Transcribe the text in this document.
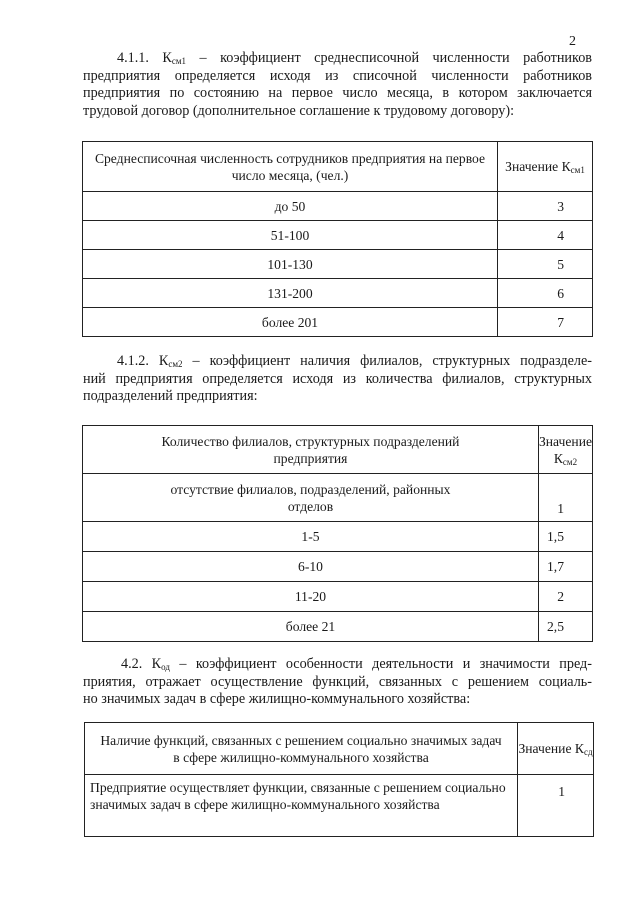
2
4.1.1. $К_{см1}$ – коэффициент среднесписочной численности работников
предприятия определяется исходя из списочной численности работников
предприятия по состоянию на первое число месяца, в котором заключается
трудовой договор (дополнительное соглашение к трудовому договору):
Среднесписочная численность сотрудников предприятия на первое число месяца, (чел.)	Значение $К_{см1}$
до 50	3
51-100	4
101-130	5
131-200	6
более 201	7
4.1.2. $К_{см2}$ – коэффициент наличия филиалов, структурных подразделе-
ний предприятия определяется исходя из количества филиалов, структурных
подразделений предприятия:
Количество филиалов, структурных подразделений предприятия	Значение $К_{см2}$
отсутствие филиалов, подразделений, районных отделов	1
1-5	1,5
6-10	1,7
11-20	2
более 21	2,5
4.2. $К_{од}$ – коэффициент особенности деятельности и значимости пред-
приятия, отражает осуществление функций, связанных с решением социаль-
но значимых задач в сфере жилищно-коммунального хозяйства:
Наличие функций, связанных с решением социально значимых задач в сфере жилищно-коммунального хозяйства	Значение $К_{сд}$
Предприятие осуществляет функции, связанные с решением социально значимых задач в сфере жилищно-коммунального хозяйства	1
